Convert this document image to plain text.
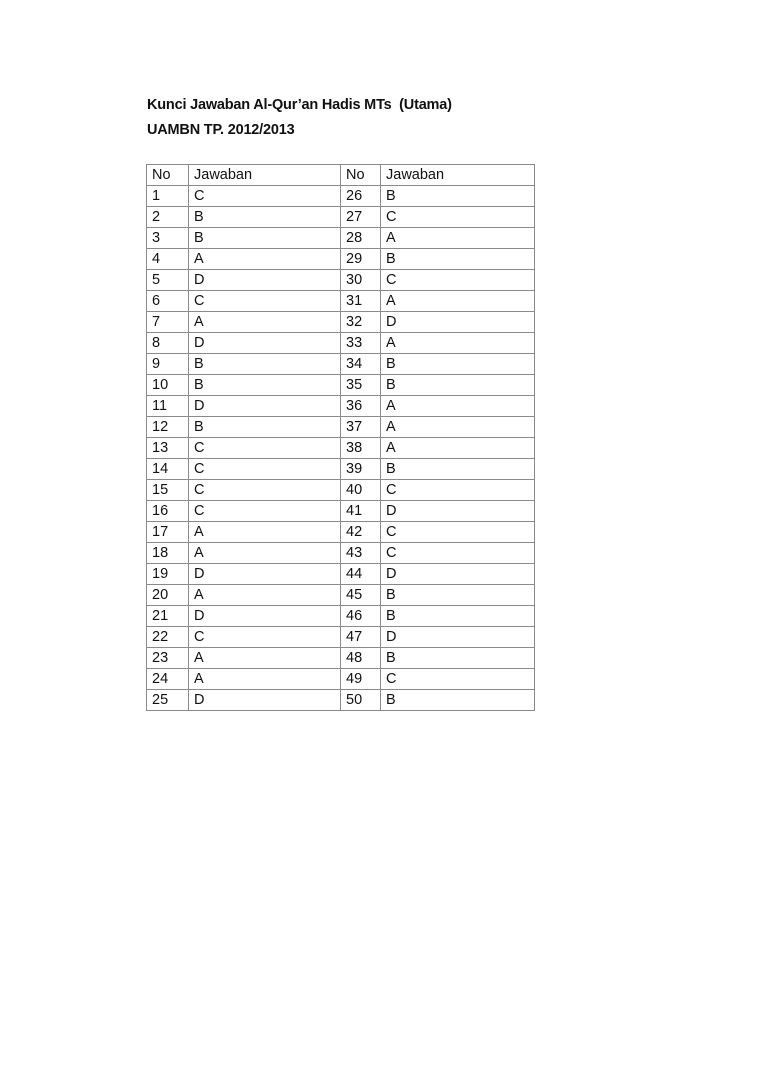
Kunci Jawaban Al-Qur’an Hadis MTs  (Utama)
UAMBN TP. 2012/2013
No	Jawaban	No	Jawaban
1	C	26	B
2	B	27	C
3	B	28	A
4	A	29	B
5	D	30	C
6	C	31	A
7	A	32	D
8	D	33	A
9	B	34	B
10	B	35	B
11	D	36	A
12	B	37	A
13	C	38	A
14	C	39	B
15	C	40	C
16	C	41	D
17	A	42	C
18	A	43	C
19	D	44	D
20	A	45	B
21	D	46	B
22	C	47	D
23	A	48	B
24	A	49	C
25	D	50	B
